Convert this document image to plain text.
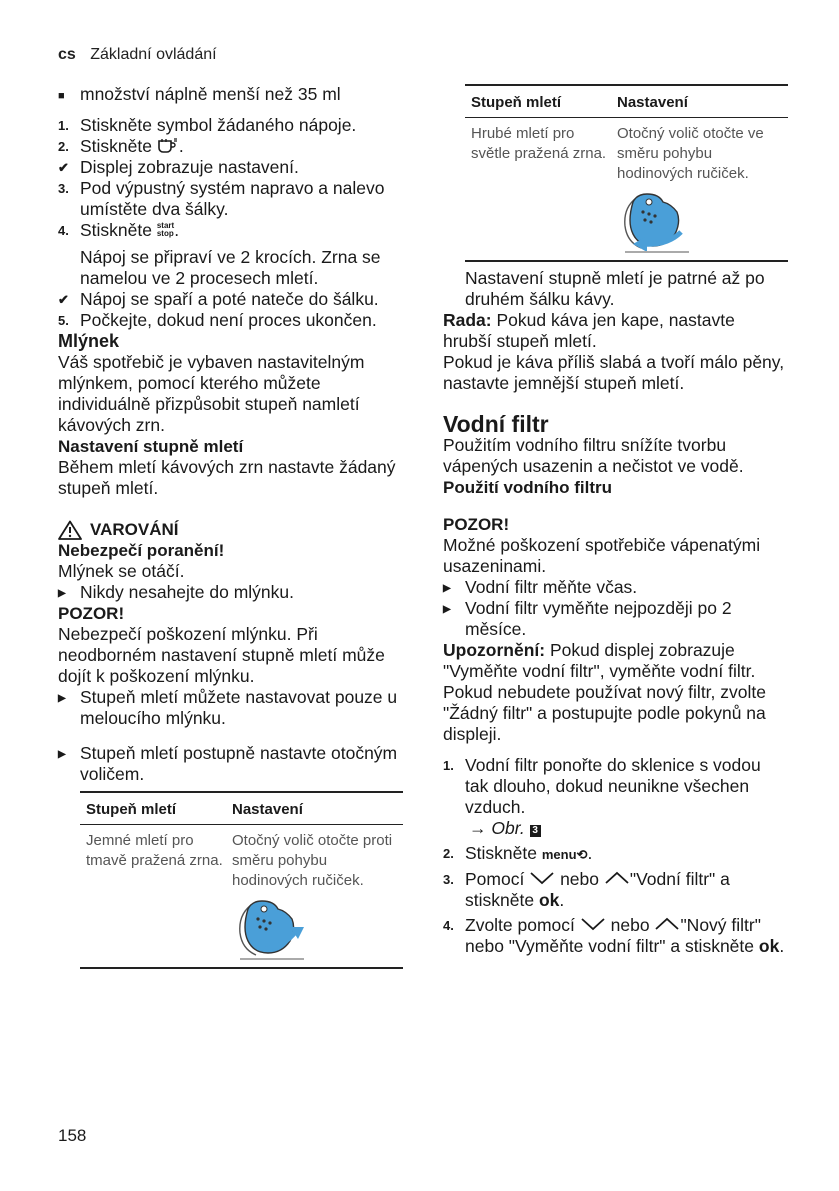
cs Základní ovládání

■ množství náplně menší než 35 ml

1. Stiskněte symbol žádaného nápoje.

2. Stiskněte .

✔ Displej zobrazuje nastavení.

3. Pod výpustný systém napravo a nalevo umístěte dva šálky.

4. Stiskněte start
stop.

Nápoj se připraví ve 2 krocích. Zrna se namelou ve 2 procesech mletí.

✔ Nápoj se spaří a poté nateče do šálku.

5. Počkejte, dokud není proces ukončen.

Mlýnek

Váš spotřebič je vybaven nastavitelným mlýnkem, pomocí kterého můžete individuálně přizpůsobit stupeň namletí kávových zrn.

Nastavení stupně mletí

Během mletí kávových zrn nastavte žádaný stupeň mletí.

VAROVÁNÍ

Nebezpečí poranění!

Mlýnek se otáčí.

▶ Nikdy nesahejte do mlýnku.

POZOR!

Nebezpečí poškození mlýnku. Při neodborném nastavení stupně mletí může dojít k poškození mlýnku.

▶ Stupeň mletí můžete nastavovat pouze u meloucího mlýnku.

▶ Stupeň mletí postupně nastavte otočným voličem.

Stupeň mletí	Nastavení
Jemné mletí pro tmavě pražená zrna.
Otočný volič otočte proti směru pohybu hodinových ručiček.
Stupeň mletí	Nastavení
Hrubé mletí pro světle pražená zrna.
Otočný volič otočte ve směru pohybu hodinových ručiček.

Nastavení stupně mletí je patrné až po druhém šálku kávy.

Rada: Pokud káva jen kape, nastavte hrubší stupeň mletí.

Pokud je káva příliš slabá a tvoří málo pěny, nastavte jemnější stupeň mletí.

Vodní filtr

Použitím vodního filtru snížíte tvorbu vápených usazenin a nečistot ve vodě.

Použití vodního filtru

POZOR!

Možné poškození spotřebiče vápenatými usazeninami.

▶ Vodní filtr měňte včas.

▶ Vodní filtr vyměňte nejpozději po 2 měsíce.

Upozornění: Pokud displej zobrazuje "Vyměňte vodní filtr", vyměňte vodní filtr.

Pokud nebudete používat nový filtr, zvolte "Žádný filtr" a postupujte podle pokynů na displeji.

1. Vodní filtr ponořte do sklenice s vodou tak dlouho, dokud neunikne všechen vzduch.
→ Obr. 3

2. Stiskněte menu⟲.

3. Pomocí nebo "Vodní filtr" a stiskněte ok.

4. Zvolte pomocí nebo "Nový filtr" nebo "Vyměňte vodní filtr" a stiskněte ok.

158
